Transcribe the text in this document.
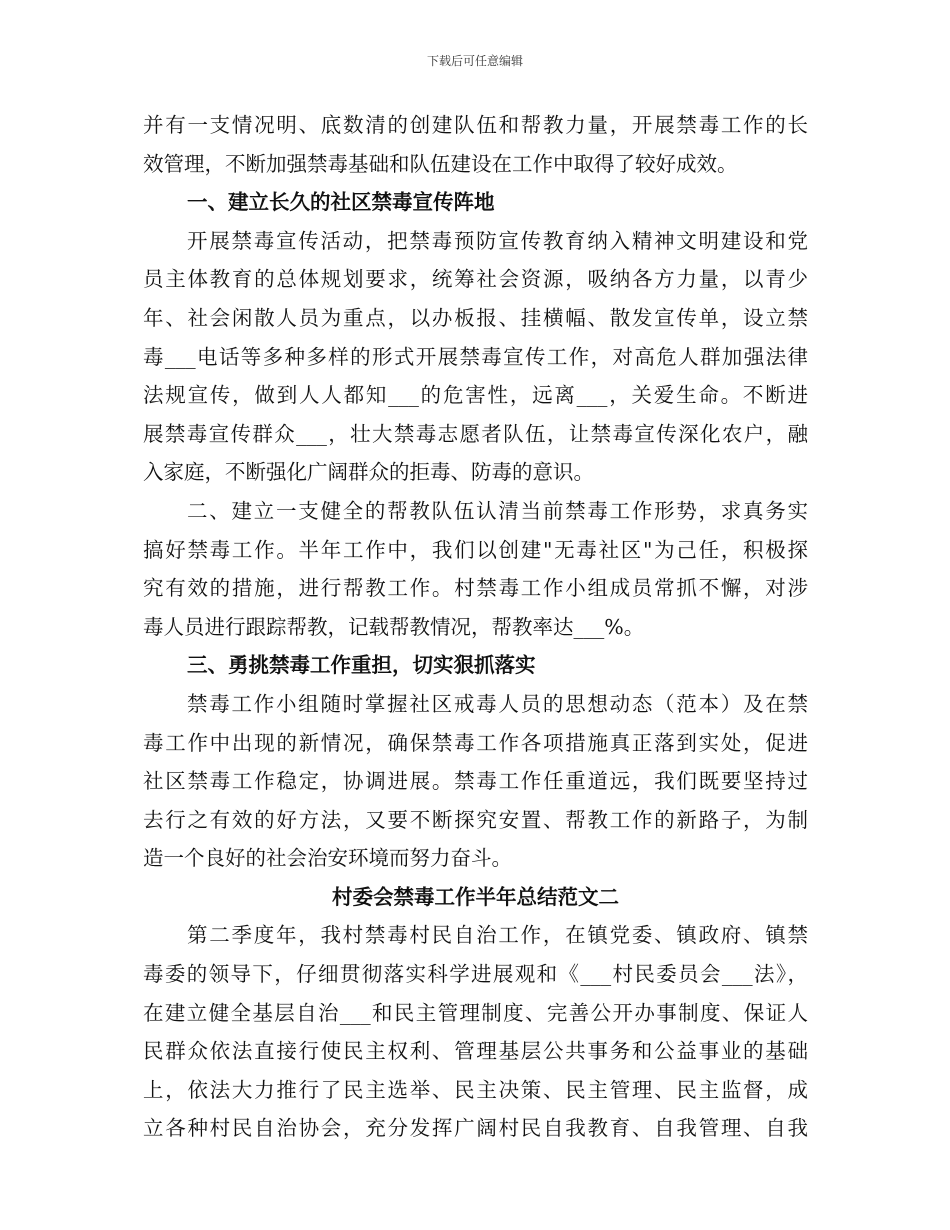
下载后可任意编辑
并有一支情况明、底数清的创建队伍和帮教力量，开展禁毒工作的长
效管理，不断加强禁毒基础和队伍建设在工作中取得了较好成效。
一、建立长久的社区禁毒宣传阵地
开展禁毒宣传活动，把禁毒预防宣传教育纳入精神文明建设和党
员主体教育的总体规划要求，统筹社会资源，吸纳各方力量，以青少
年、社会闲散人员为重点，以办板报、挂横幅、散发宣传单，设立禁
毒___电话等多种多样的形式开展禁毒宣传工作，对高危人群加强法律
法规宣传，做到人人都知___的危害性，远离___，关爱生命。不断进
展禁毒宣传群众___，壮大禁毒志愿者队伍，让禁毒宣传深化农户，融
入家庭，不断强化广阔群众的拒毒、防毒的意识。
二、建立一支健全的帮教队伍认清当前禁毒工作形势，求真务实
搞好禁毒工作。半年工作中，我们以创建"无毒社区"为己任，积极探
究有效的措施，进行帮教工作。村禁毒工作小组成员常抓不懈，对涉
毒人员进行跟踪帮教，记载帮教情况，帮教率达___%。
三、勇挑禁毒工作重担，切实狠抓落实
禁毒工作小组随时掌握社区戒毒人员的思想动态（范本）及在禁
毒工作中出现的新情况，确保禁毒工作各项措施真正落到实处，促进
社区禁毒工作稳定，协调进展。禁毒工作任重道远，我们既要坚持过
去行之有效的好方法，又要不断探究安置、帮教工作的新路子，为制
造一个良好的社会治安环境而努力奋斗。
村委会禁毒工作半年总结范文二
第二季度年，我村禁毒村民自治工作，在镇党委、镇政府、镇禁
毒委的领导下，仔细贯彻落实科学进展观和《___村民委员会___法》，
在建立健全基层自治___和民主管理制度、完善公开办事制度、保证人
民群众依法直接行使民主权利、管理基层公共事务和公益事业的基础
上，依法大力推行了民主选举、民主决策、民主管理、民主监督，成
立各种村民自治协会，充分发挥广阔村民自我教育、自我管理、自我
